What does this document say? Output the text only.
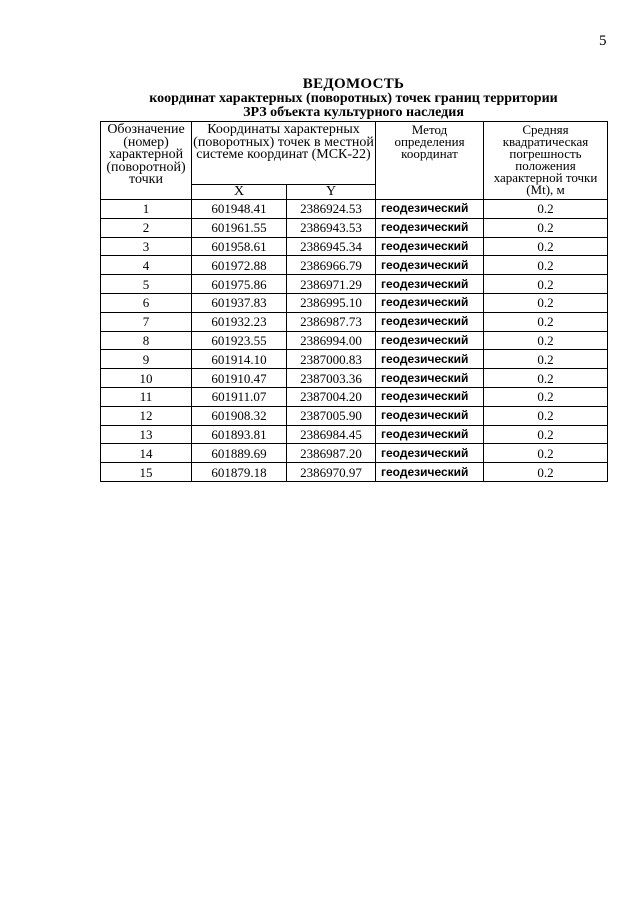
5
ВЕДОМОСТЬ
координат характерных (поворотных) точек границ территории
ЗРЗ объекта культурного наследия
Обозначение (номер) характерной (поворотной) точки	Координаты характерных (поворотных) точек в местной системе координат (МСК-22)		Метод определения координат	Средняя квадратическая погрешность положения характерной точки (Mt), м

	X	Y		
1	601948.41	2386924.53	геодезический	0.2
2	601961.55	2386943.53	геодезический	0.2
3	601958.61	2386945.34	геодезический	0.2
4	601972.88	2386966.79	геодезический	0.2
5	601975.86	2386971.29	геодезический	0.2
6	601937.83	2386995.10	геодезический	0.2
7	601932.23	2386987.73	геодезический	0.2
8	601923.55	2386994.00	геодезический	0.2
9	601914.10	2387000.83	геодезический	0.2
10	601910.47	2387003.36	геодезический	0.2
11	601911.07	2387004.20	геодезический	0.2
12	601908.32	2387005.90	геодезический	0.2
13	601893.81	2386984.45	геодезический	0.2
14	601889.69	2386987.20	геодезический	0.2
15	601879.18	2386970.97	геодезический	0.2
